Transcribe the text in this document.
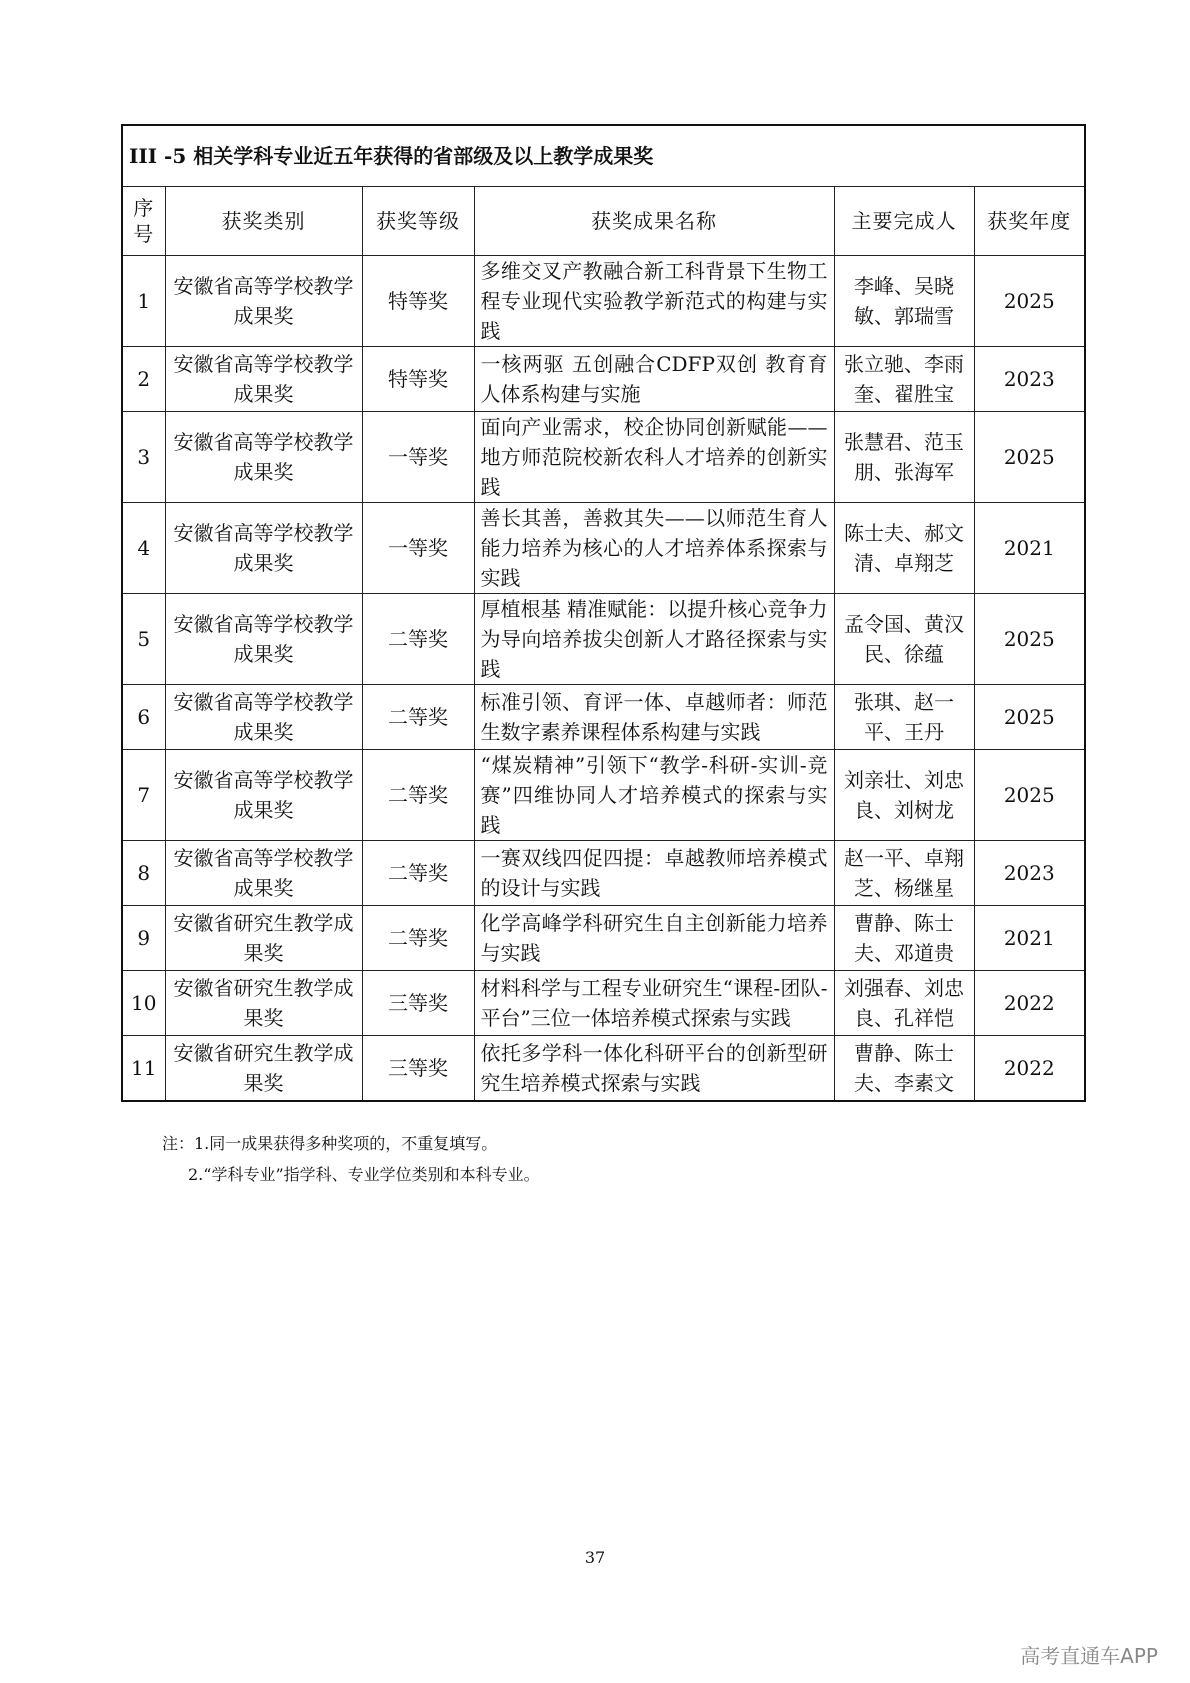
III -5 相关学科专业近五年获得的省部级及以上教学成果奖					
序号	获奖类别	获奖等级	获奖成果名称	主要完成人	获奖年度
1	安徽省高等学校教学成果奖	特等奖	多维交叉产教融合新工科背景下生物工程专业现代实验教学新范式的构建与实践	李峰、吴晓敏、郭瑞雪	2025
2	安徽省高等学校教学成果奖	特等奖	一核两驱 五创融合CDFP双创 教育育人体系构建与实施	张立驰、李雨奎、翟胜宝	2023
3	安徽省高等学校教学成果奖	一等奖	面向产业需求，校企协同创新赋能——地方师范院校新农科人才培养的创新实践	张慧君、范玉朋、张海军	2025
4	安徽省高等学校教学成果奖	一等奖	善长其善，善救其失——以师范生育人能力培养为核心的人才培养体系探索与实践	陈士夫、郝文清、卓翔芝	2021
5	安徽省高等学校教学成果奖	二等奖	厚植根基 精准赋能：以提升核心竞争力为导向培养拔尖创新人才路径探索与实践	孟令国、黄汉民、徐蕴	2025
6	安徽省高等学校教学成果奖	二等奖	标准引领、育评一体、卓越师者：师范生数字素养课程体系构建与实践	张琪、赵一平、王丹	2025
7	安徽省高等学校教学成果奖	二等奖	“煤炭精神”引领下“教学-科研-实训-竞赛”四维协同人才培养模式的探索与实践	刘亲壮、刘忠良、刘树龙	2025
8	安徽省高等学校教学成果奖	二等奖	一赛双线四促四提：卓越教师培养模式的设计与实践	赵一平、卓翔芝、杨继星	2023
9	安徽省研究生教学成果奖	二等奖	化学高峰学科研究生自主创新能力培养与实践	曹静、陈士夫、邓道贵	2021
10	安徽省研究生教学成果奖	三等奖	材料科学与工程专业研究生“课程-团队-平台”三位一体培养模式探索与实践	刘强春、刘忠良、孔祥恺	2022
11	安徽省研究生教学成果奖	三等奖	依托多学科一体化科研平台的创新型研究生培养模式探索与实践	曹静、陈士夫、李素文	2022
注：1.同一成果获得多种奖项的，不重复填写。
2.“学科专业”指学科、专业学位类别和本科专业。
37
高考直通车APP
